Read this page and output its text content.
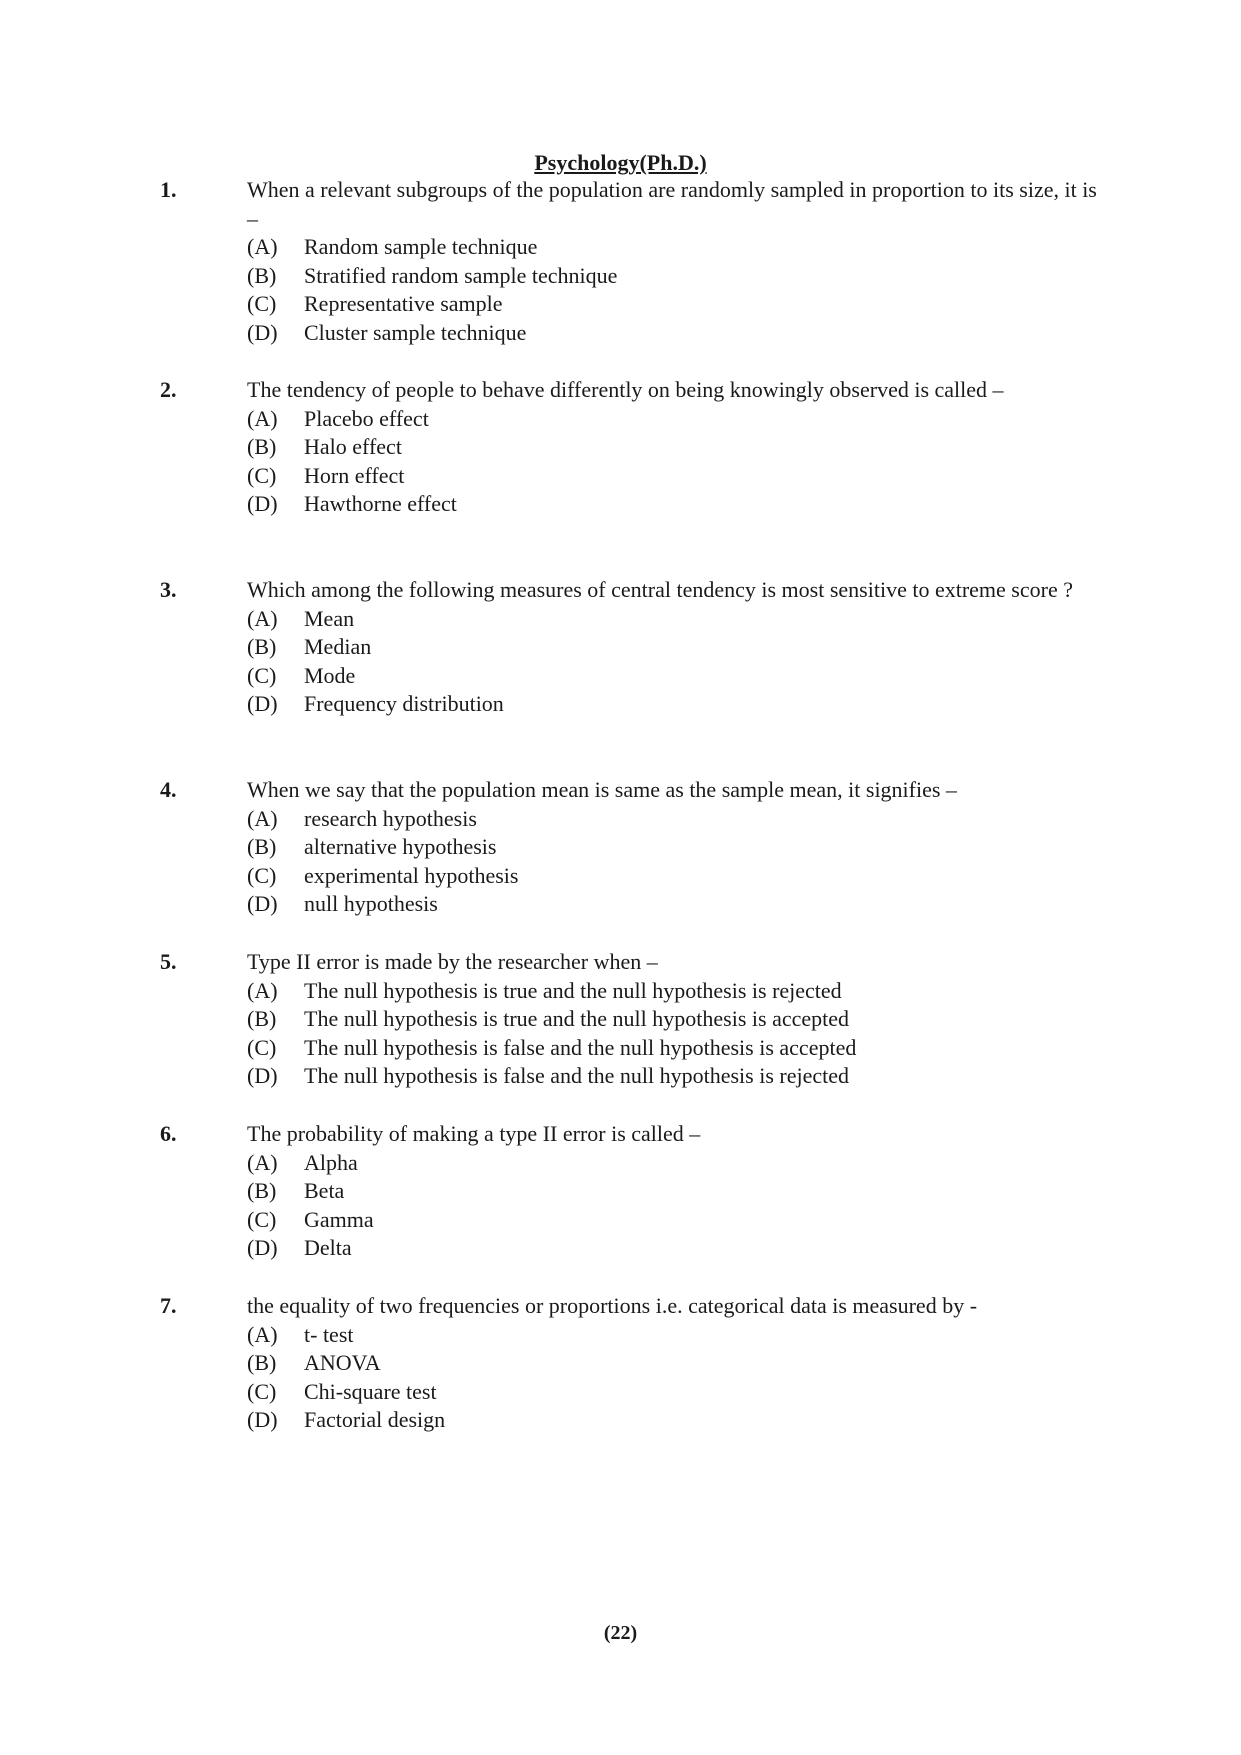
Psychology(Ph.D.)
1.	When a relevant subgroups of the population are randomly sampled in proportion to its size, it is –
(A)	Random sample technique
(B)	Stratified random sample technique
(C)	Representative sample
(D)	Cluster sample technique
2.	The tendency of people to behave differently on being knowingly observed is called –
(A)	Placebo effect
(B)	Halo effect
(C)	Horn effect
(D)	Hawthorne effect
3.	Which among the following measures of central tendency is most sensitive to extreme score ?
(A)	Mean
(B)	Median
(C)	Mode
(D)	Frequency distribution
4.	When we say that the population mean is same as the sample mean, it signifies –
(A)	research hypothesis
(B)	alternative hypothesis
(C)	experimental hypothesis
(D)	null hypothesis
5.	Type II error is made by the researcher when –
(A)	The null hypothesis is true and the null hypothesis is rejected
(B)	The null hypothesis is true and the null hypothesis is accepted
(C)	The null hypothesis is false and the null hypothesis is accepted
(D)	The null hypothesis is false and the null hypothesis is rejected
6.	The probability of making a type II error is called –
(A)	Alpha
(B)	Beta
(C)	Gamma
(D)	Delta
7.	the equality of two frequencies or proportions i.e. categorical data is measured by -
(A)	t- test
(B)	ANOVA
(C)	Chi-square test
(D)	Factorial design
(22)
